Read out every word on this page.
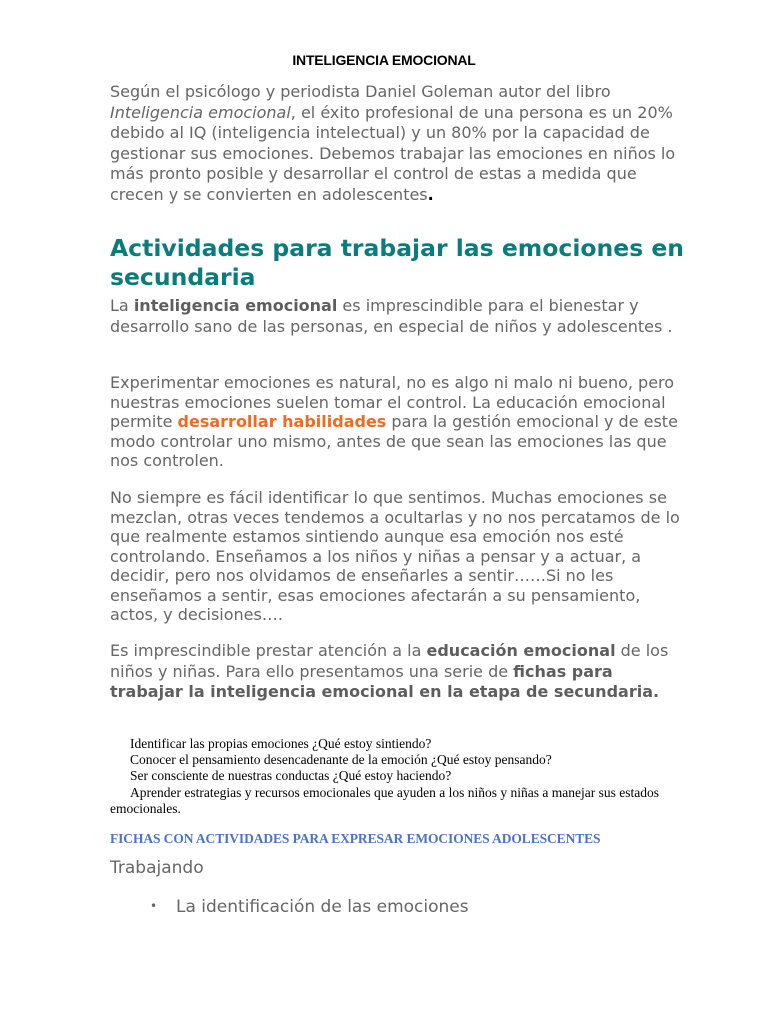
INTELIGENCIA EMOCIONAL
Según el psicólogo y periodista Daniel Goleman autor del libro Inteligencia emocional, el éxito profesional de una persona es un 20% debido al IQ (inteligencia intelectual) y un 80% por la capacidad de gestionar sus emociones. Debemos trabajar las emociones en niños lo más pronto posible y desarrollar el control de estas a medida que crecen y se convierten en adolescentes.
Actividades para trabajar las emociones en secundaria
La inteligencia emocional es imprescindible para el bienestar y desarrollo sano de las personas, en especial de niños y adolescentes .
Experimentar emociones es natural, no es algo ni malo ni bueno, pero nuestras emociones suelen tomar el control. La educación emocional permite desarrollar habilidades para la gestión emocional y de este modo controlar uno mismo, antes de que sean las emociones las que nos controlen.
No siempre es fácil identificar lo que sentimos. Muchas emociones se mezclan, otras veces tendemos a ocultarlas y no nos percatamos de lo que realmente estamos sintiendo aunque esa emoción nos esté controlando. Enseñamos a los niños y niñas a pensar y a actuar, a decidir, pero nos olvidamos de enseñarles a sentir……Si no les enseñamos a sentir, esas emociones afectarán a su pensamiento, actos, y decisiones….
Es imprescindible prestar atención a la educación emocional de los niños y niñas. Para ello presentamos una serie de fichas para trabajar la inteligencia emocional en la etapa de secundaria.
Identificar las propias emociones ¿Qué estoy sintiendo?
Conocer el pensamiento desencadenante de la emoción ¿Qué estoy pensando?
Ser consciente de nuestras conductas ¿Qué estoy haciendo?
Aprender estrategias y recursos emocionales que ayuden a los niños y niñas a manejar sus estados emocionales.
FICHAS CON ACTIVIDADES PARA EXPRESAR EMOCIONES ADOLESCENTES
Trabajando
• La identificación de las emociones
